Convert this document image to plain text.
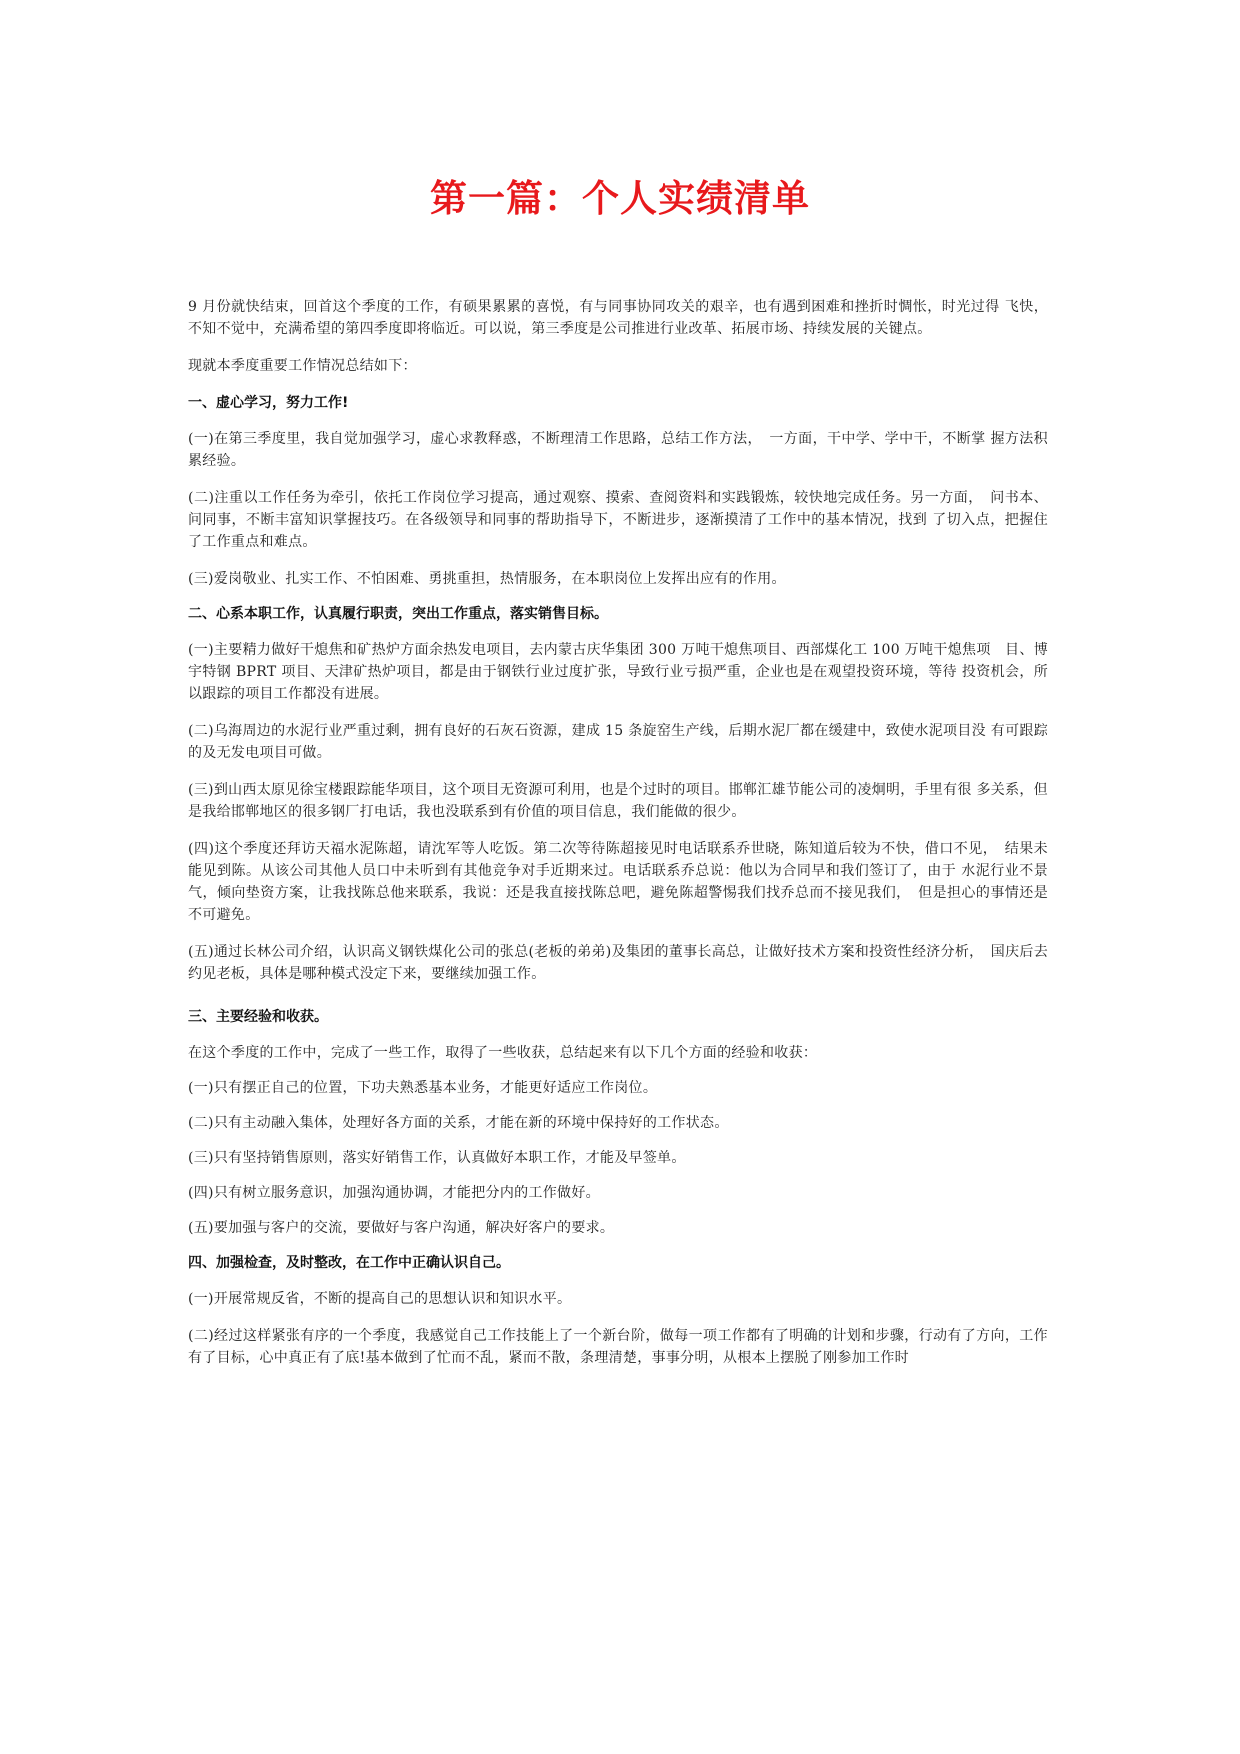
第一篇：个人实绩清单

9 月份就快结束，回首这个季度的工作，有硕果累累的喜悦，有与同事协同攻关的艰辛，也有遇到困难和挫折时惆怅，时光过得 飞快，不知不觉中，充满希望的第四季度即将临近。可以说，第三季度是公司推进行业改革、拓展市场、持续发展的关键点。

现就本季度重要工作情况总结如下：

一、虚心学习，努力工作!

(一)在第三季度里，我自觉加强学习，虚心求教释惑，不断理清工作思路，总结工作方法，　一方面，干中学、学中干，不断掌 握方法积累经验。

(二)注重以工作任务为牵引，依托工作岗位学习提高，通过观察、摸索、查阅资料和实践锻炼，较快地完成任务。另一方面，　问书本、问同事，不断丰富知识掌握技巧。在各级领导和同事的帮助指导下，不断进步，逐渐摸清了工作中的基本情况，找到 了切入点，把握住了工作重点和难点。

(三)爱岗敬业、扎实工作、不怕困难、勇挑重担，热情服务，在本职岗位上发挥出应有的作用。

二、心系本职工作，认真履行职责，突出工作重点，落实销售目标。

(一)主要精力做好干熄焦和矿热炉方面余热发电项目，去内蒙古庆华集团 300 万吨干熄焦项目、西部煤化工 100 万吨干熄焦项　目、博宇特钢 BPRT 项目、天津矿热炉项目，都是由于钢铁行业过度扩张，导致行业亏损严重，企业也是在观望投资环境，等待 投资机会，所以跟踪的项目工作都没有进展。

(二)乌海周边的水泥行业严重过剩，拥有良好的石灰石资源，建成 15 条旋窑生产线，后期水泥厂都在缓建中，致使水泥项目没 有可跟踪的及无发电项目可做。

(三)到山西太原见徐宝楼跟踪能华项目，这个项目无资源可利用，也是个过时的项目。邯郸汇雄节能公司的凌炯明，手里有很 多关系，但是我给邯郸地区的很多钢厂打电话，我也没联系到有价值的项目信息，我们能做的很少。

(四)这个季度还拜访天福水泥陈超，请沈军等人吃饭。第二次等待陈超接见时电话联系乔世晓，陈知道后较为不快，借口不见，　结果未能见到陈。从该公司其他人员口中未听到有其他竞争对手近期来过。电话联系乔总说：他以为合同早和我们签订了，由于 水泥行业不景气，倾向垫资方案，让我找陈总他来联系，我说：还是我直接找陈总吧，避免陈超警惕我们找乔总而不接见我们，　但是担心的事情还是不可避免。

(五)通过长林公司介绍，认识高义钢铁煤化公司的张总(老板的弟弟)及集团的董事长高总，让做好技术方案和投资性经济分析，　国庆后去约见老板，具体是哪种模式没定下来，要继续加强工作。

三、主要经验和收获。

在这个季度的工作中，完成了一些工作，取得了一些收获，总结起来有以下几个方面的经验和收获：

(一)只有摆正自己的位置，下功夫熟悉基本业务，才能更好适应工作岗位。

(二)只有主动融入集体，处理好各方面的关系，才能在新的环境中保持好的工作状态。

(三)只有坚持销售原则，落实好销售工作，认真做好本职工作，才能及早签单。

(四)只有树立服务意识，加强沟通协调，才能把分内的工作做好。

(五)要加强与客户的交流，要做好与客户沟通，解决好客户的要求。

四、加强检查，及时整改，在工作中正确认识自己。

(一)开展常规反省，不断的提高自己的思想认识和知识水平。

(二)经过这样紧张有序的一个季度，我感觉自己工作技能上了一个新台阶，做每一项工作都有了明确的计划和步骤，行动有了方向，工作有了目标，心中真正有了底!基本做到了忙而不乱，紧而不散，条理清楚，事事分明，从根本上摆脱了刚参加工作时
